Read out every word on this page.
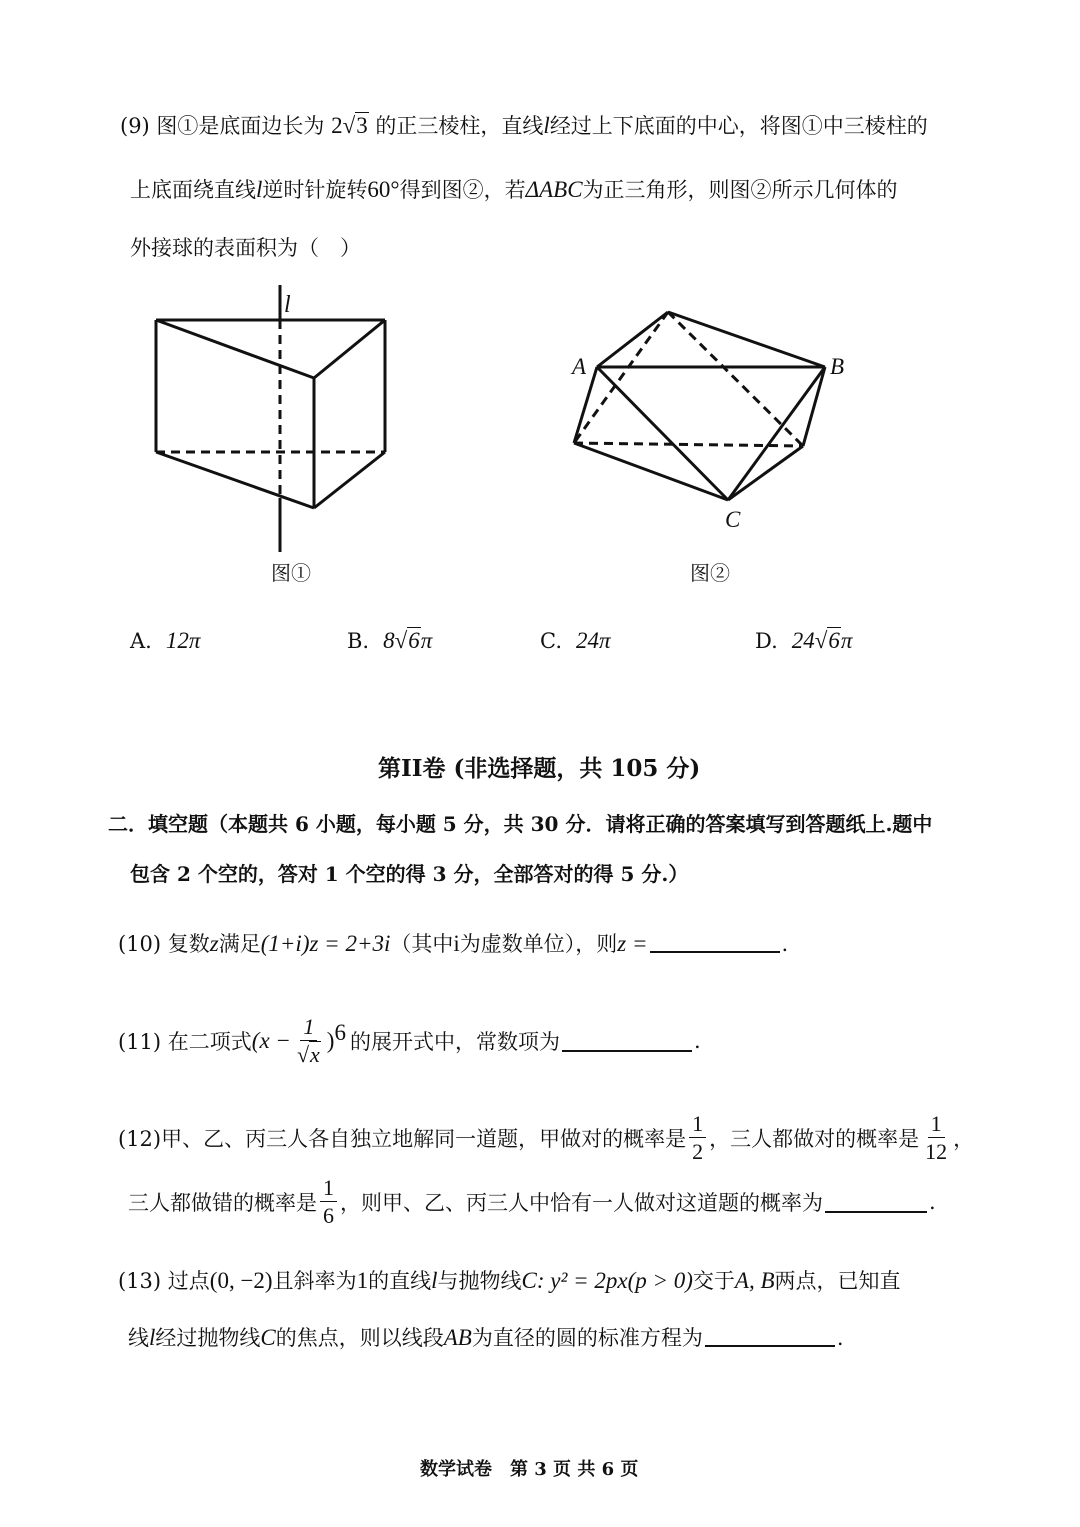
(9) 图①是底面边长为 2√3 的正三棱柱，直线l经过上下底面的中心，将图①中三棱柱的
上底面绕直线l逆时针旋转60°得到图②，若ΔABC为正三角形，则图②所示几何体的
外接球的表面积为（　）
l
图①
A	B
C
图②
A. 12π	B. 8√6π	C. 24π	D. 24√6π
第II卷 (非选择题，共 105 分)
二．填空题（本题共 6 小题，每小题 5 分，共 30 分．请将正确的答案填写到答题纸上.题中
包含 2 个空的，答对 1 个空的得 3 分，全部答对的得 5 分.）
(10) 复数z满足(1+i)z = 2+3i（其中i为虚数单位），则z =	.
(11) 在二项式 ($x - \frac{1}{√x}$ ) 6 的展开式中，常数项为	.
(12)甲、乙、丙三人各自独立地解同一道题，甲做对的概率是 $\frac{1}{2}$ ，三人都做对的概率是 $\frac{1}{12}$ ，
三人都做错的概率是 $\frac{1}{6}$ ，则甲、乙、丙三人中恰有一人做对这道题的概率为	.
(13) 过点(0, −2)且斜率为1的直线l与抛物线C: y² = 2px(p > 0)交于A, B两点，已知直
线l经过抛物线C的焦点，则以线段AB为直径的圆的标准方程为	.
数学试卷　第 3 页 共 6 页
